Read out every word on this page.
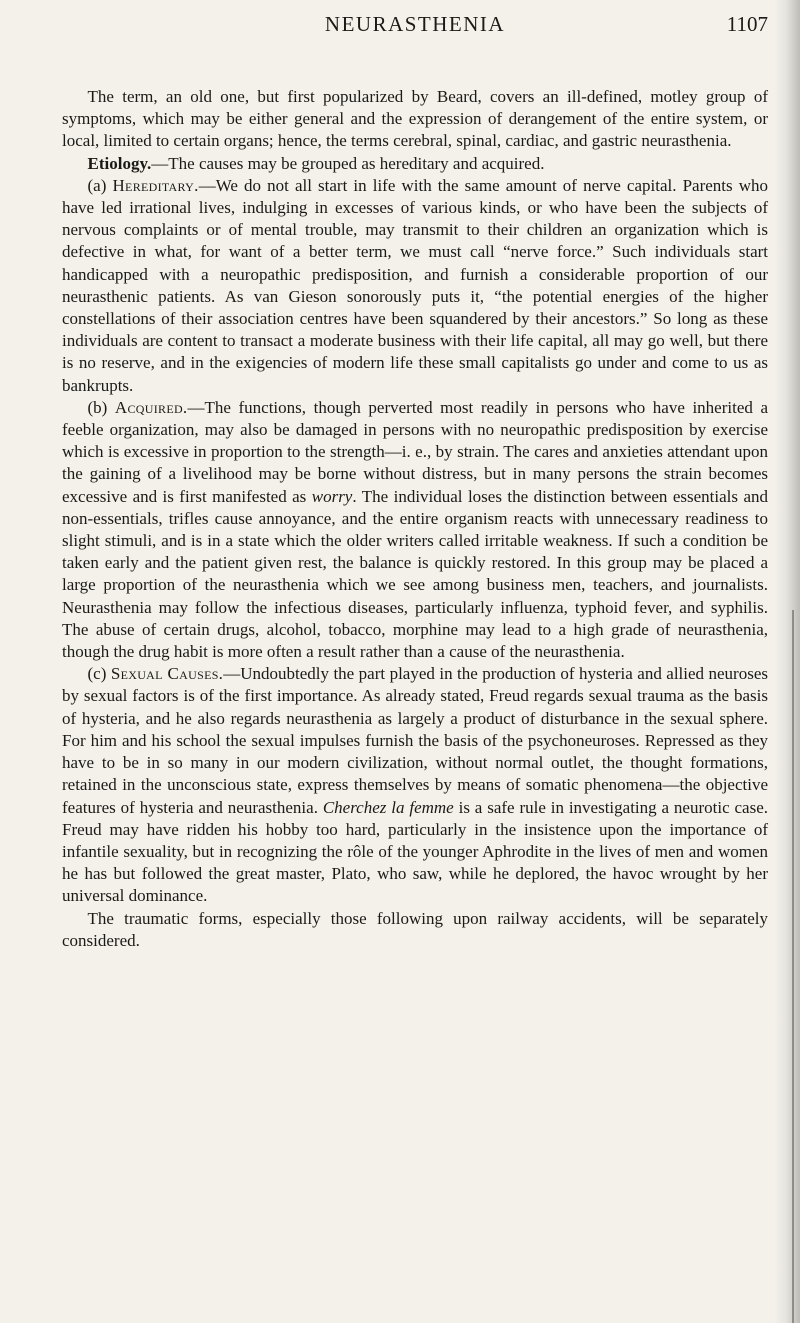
NEURASTHENIA	1107

The term, an old one, but first popularized by Beard, covers an ill-defined, motley group of symptoms, which may be either general and the expression of derangement of the entire system, or local, limited to certain organs; hence, the terms cerebral, spinal, cardiac, and gastric neurasthenia.

Etiology.—The causes may be grouped as hereditary and acquired.

(a) Hereditary.—We do not all start in life with the same amount of nerve capital. Parents who have led irrational lives, indulging in excesses of various kinds, or who have been the subjects of nervous complaints or of mental trouble, may transmit to their children an organization which is defective in what, for want of a better term, we must call “nerve force.” Such individuals start handicapped with a neuropathic predisposition, and furnish a considerable proportion of our neurasthenic patients. As van Gieson sonorously puts it, “the potential energies of the higher constellations of their association centres have been squandered by their ancestors.” So long as these individuals are content to transact a moderate business with their life capital, all may go well, but there is no reserve, and in the exigencies of modern life these small capitalists go under and come to us as bankrupts.

(b) Acquired.—The functions, though perverted most readily in persons who have inherited a feeble organization, may also be damaged in persons with no neuropathic predisposition by exercise which is excessive in proportion to the strength—i. e., by strain. The cares and anxieties attendant upon the gaining of a livelihood may be borne without distress, but in many persons the strain becomes excessive and is first manifested as worry. The individual loses the distinction between essentials and non-essentials, trifles cause annoyance, and the entire organism reacts with unnecessary readiness to slight stimuli, and is in a state which the older writers called irritable weakness. If such a condition be taken early and the patient given rest, the balance is quickly restored. In this group may be placed a large proportion of the neurasthenia which we see among business men, teachers, and journalists. Neurasthenia may follow the infectious diseases, particularly influenza, typhoid fever, and syphilis. The abuse of certain drugs, alcohol, tobacco, morphine may lead to a high grade of neurasthenia, though the drug habit is more often a result rather than a cause of the neurasthenia.

(c) Sexual Causes.—Undoubtedly the part played in the production of hysteria and allied neuroses by sexual factors is of the first importance. As already stated, Freud regards sexual trauma as the basis of hysteria, and he also regards neurasthenia as largely a product of disturbance in the sexual sphere. For him and his school the sexual impulses furnish the basis of the psychoneuroses. Repressed as they have to be in so many in our modern civilization, without normal outlet, the thought formations, retained in the unconscious state, express themselves by means of somatic phenomena—the objective features of hysteria and neurasthenia. Cherchez la femme is a safe rule in investigating a neurotic case. Freud may have ridden his hobby too hard, particularly in the insistence upon the importance of infantile sexuality, but in recognizing the rôle of the younger Aphrodite in the lives of men and women he has but followed the great master, Plato, who saw, while he deplored, the havoc wrought by her universal dominance.

The traumatic forms, especially those following upon railway accidents, will be separately considered.
